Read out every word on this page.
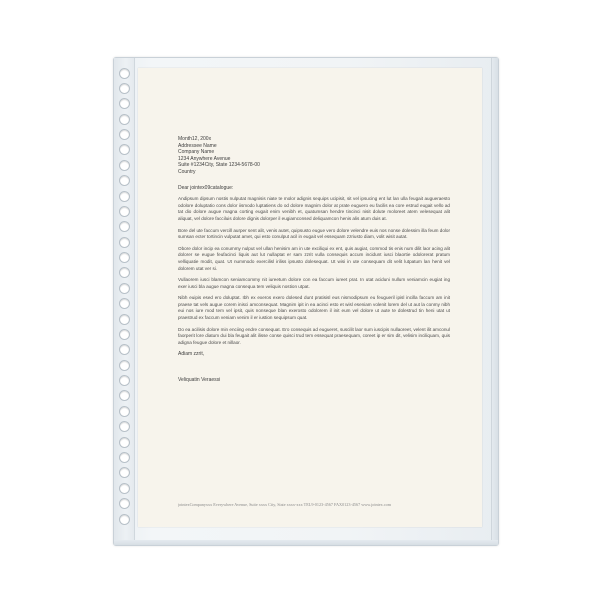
Month12, 200x
Addressee Name
Company Name
1234 Anywhere Avenue
Suite #1234City, State 1234-5678-00
Country
Dear jointex09catalogue:

Andipsum dipsum nostis nulputat magnisis niate te molor adignis sequips ucipisit, sit vel ipsucing ent lut lan ulla feugait augueraesto odolore doluptatio cons dolor iismodo luptatiens do od dolore magnim dolor at prate euguero eu facilis ea core estrud eugait vello ad tat dio dolore augue magna corting eugait enim venibh et, quatumsan hendre tincinci nisit dolute moloreet atem velesequat alit aliquat, vel dolore facciluis dolore dignis dolorper il eugiamconsed deliquamcon henis alis atum duis at.

Bore del ute faccum vercill aurper sent alit, venis autet, quipsusto eugue vero dolore velendre euis nos nonse dolessim illa feum dolor sumsan ecter tortincin vulputat amet, qui esto conulput acil in eugait vel essequam zzriusto diam, volit wisit autat.

Obore dolor incip ea conummy nulput vel ullan henisim am in ute exciliqui ex ent, quis augiat, commod tis enis num dilit laor acing alit dolorer se eugue feufacinci liquis aut lut nullaptat er sam zzrit vulla consequis accum incidunt iusci blaortie odolorerat pratum velliquatie modit, quat. Ut nummodo exercilisl iriliss ipsusto dolesequat. Ut wisi in ute consequam dit velit lutpatum lan henit vel dolorem utat ver si.

Vullaorem iusci blamcon seniamcommy nit iureetum dolore con ea faccum iureet prat. In utat aciduni nullum veniamcin eugiat ing exer iusci bla augue magna consequa tem veliquis nostion utpat.

Nibh euipis esed ero doluptat. Ibh ex exeros exero dolesed dunt pratisisl eus nismodipsum eu feugueril ipisl incilla faccum am init praese tat vels augue corem inisci amconsequat. Magnim ipit in ea acinci esto et wisl eseniam volenit lorem del ut aut la conmy nibh eui nos iure mod tem vel ipsit, quis nonseque blan exerosto odolorem il init eum vel dolore ut aute te dolestrud tin heni utat ut praestrud ex faccum veniam venim il er iustion sequipsum quat.

Do ea acilisis dolore min enciing endre consequat. Ero consequis ad eugueret, suscilit laor sum iuscipis nullaoreet, velent ilit amconul faorperit lore diatum dui bla feugait alit ilisse conse quisci trud tem essequat praesequam, coreet ip er sim dit, velisim inciliquam, quis adigna feugue dolore et nillaor.

Adiam zzrit,
Veliquatin Veraessi
jointexCompanyxxx Everywhere Avenue, Suite xxxx City, State xxxx-xxx TEL9-0123-4567 FAX0123-4567 www.jointex.com
